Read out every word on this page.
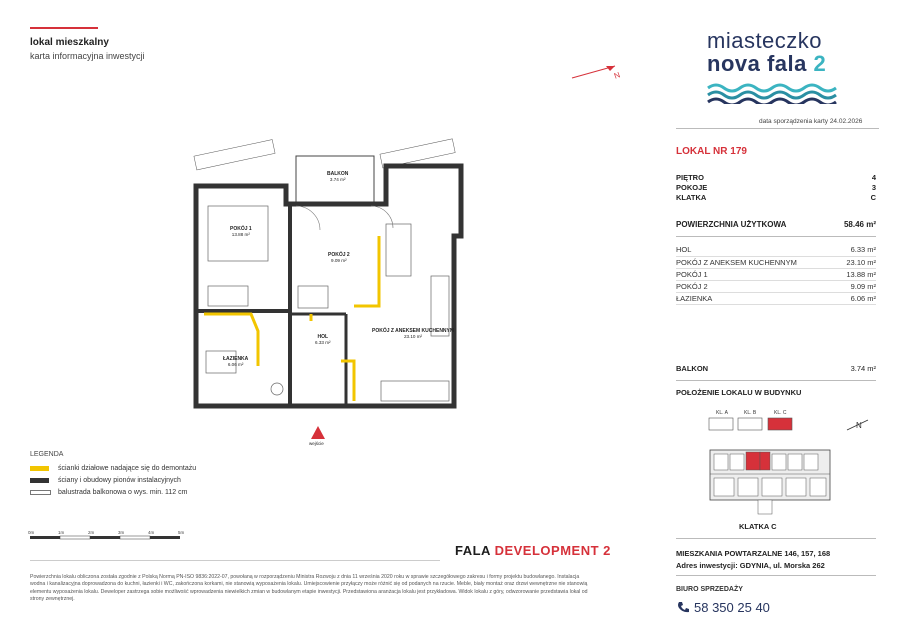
lokal mieszkalny
karta informacyjna inwestycji
N
miasteczko
nova fala 2
data sporządzenia karty 24.02.2026
LOKAL NR 179
PIĘTRO	4
POKOJE	3
KLATKA	C
POWIERZCHNIA UŻYTKOWA	58.46 m²
HOL	6.33 m²
POKÓJ Z ANEKSEM KUCHENNYM	23.10 m²
POKÓJ 1	13.88 m²
POKÓJ 2	9.09 m²
ŁAZIENKA	6.06 m²
BALKON	3.74 m²
POŁOŻENIE LOKALU W BUDYNKU
KL. A	KL. B	KL. C
N
KLATKA C
MIESZKANIA POWTARZALNE 146, 157, 168
Adres inwestycji: GDYNIA, ul. Morska 262
BIURO SPRZEDAŻY
58 350 25 40
BALKON
3.74 m²
POKÓJ 1
13.88 m²
POKÓJ 2
9.09 m²
HOL
6.33 m²
ŁAZIENKA
6.06 m²
POKÓJ Z ANEKSEM KUCHENNYM
23.10 m²
wejście
LEGENDA
ścianki działowe nadające się do demontażu
ściany i obudowy pionów instalacyjnych
balustrada balkonowa o wys. min. 112 cm
0m	1m	2m	3m	4m	5m
FALA DEVELOPMENT 2
Powierzchnia lokalu obliczona została zgodnie z Polską Normą PN-ISO 9836:2022-07, powołaną w rozporządzeniu Ministra Rozwoju z dnia 11 września 2020 roku w sprawie szczegółowego zakresu i formy projektu budowlanego. Instalacja wodna i kanalizacyjna doprowadzona do kuchni, łazienki i WC, zakończona korkami, nie stanowią wyposażenia lokalu. Umiejscowienie przyłączy może różnić się od podanych na rzucie. Meble, biały montaż oraz drzwi wewnętrzne nie stanowią elementu wyposażenia lokalu. Deweloper zastrzega sobie możliwość wprowadzenia niewielkich zmian w budowlanym etapie inwestycji. Przedstawiona aranżacja lokalu jest przykładowa. Widok lokalu z góry, odwzorowanie przedstawia lokal od strony zewnętrznej.
